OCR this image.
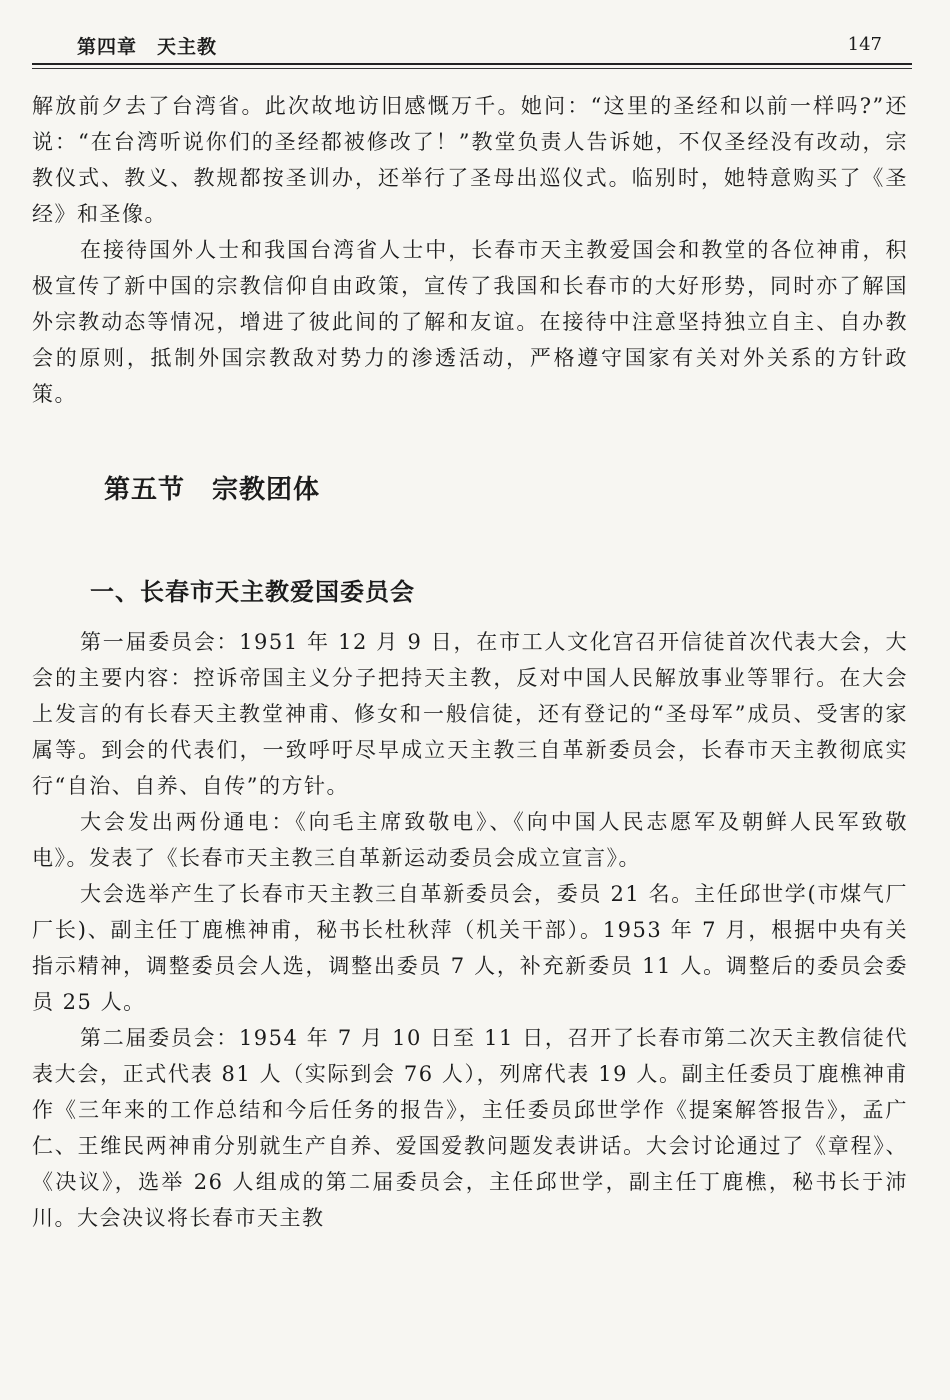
第四章　天主教	147

解放前夕去了台湾省。此次故地访旧感慨万千。她问：“这里的圣经和以前一样吗?”还说：“在台湾听说你们的圣经都被修改了！”教堂负责人告诉她，不仅圣经没有改动，宗教仪式、教义、教规都按圣训办，还举行了圣母出巡仪式。临别时，她特意购买了《圣经》和圣像。

在接待国外人士和我国台湾省人士中，长春市天主教爱国会和教堂的各位神甫，积极宣传了新中国的宗教信仰自由政策，宣传了我国和长春市的大好形势，同时亦了解国外宗教动态等情况，增进了彼此间的了解和友谊。在接待中注意坚持独立自主、自办教会的原则，抵制外国宗教敌对势力的渗透活动，严格遵守国家有关对外关系的方针政策。

第五节　宗教团体
一、长春市天主教爱国委员会

第一届委员会：1951 年 12 月 9 日，在市工人文化宫召开信徒首次代表大会，大会的主要内容：控诉帝国主义分子把持天主教，反对中国人民解放事业等罪行。在大会上发言的有长春天主教堂神甫、修女和一般信徒，还有登记的“圣母军”成员、受害的家属等。到会的代表们，一致呼吁尽早成立天主教三自革新委员会，长春市天主教彻底实行“自治、自养、自传”的方针。

大会发出两份通电：《向毛主席致敬电》、《向中国人民志愿军及朝鲜人民军致敬电》。发表了《长春市天主教三自革新运动委员会成立宣言》。

大会选举产生了长春市天主教三自革新委员会，委员 21 名。主任邱世学(市煤气厂厂长)、副主任丁鹿樵神甫，秘书长杜秋萍（机关干部）。1953 年 7 月，根据中央有关指示精神，调整委员会人选，调整出委员 7 人，补充新委员 11 人。调整后的委员会委员 25 人。

第二届委员会：1954 年 7 月 10 日至 11 日，召开了长春市第二次天主教信徒代表大会，正式代表 81 人（实际到会 76 人），列席代表 19 人。副主任委员丁鹿樵神甫作《三年来的工作总结和今后任务的报告》，主任委员邱世学作《提案解答报告》，孟广仁、王维民两神甫分别就生产自养、爱国爱教问题发表讲话。大会讨论通过了《章程》、《决议》，选举 26 人组成的第二届委员会，主任邱世学，副主任丁鹿樵，秘书长于沛川。大会决议将长春市天主教
